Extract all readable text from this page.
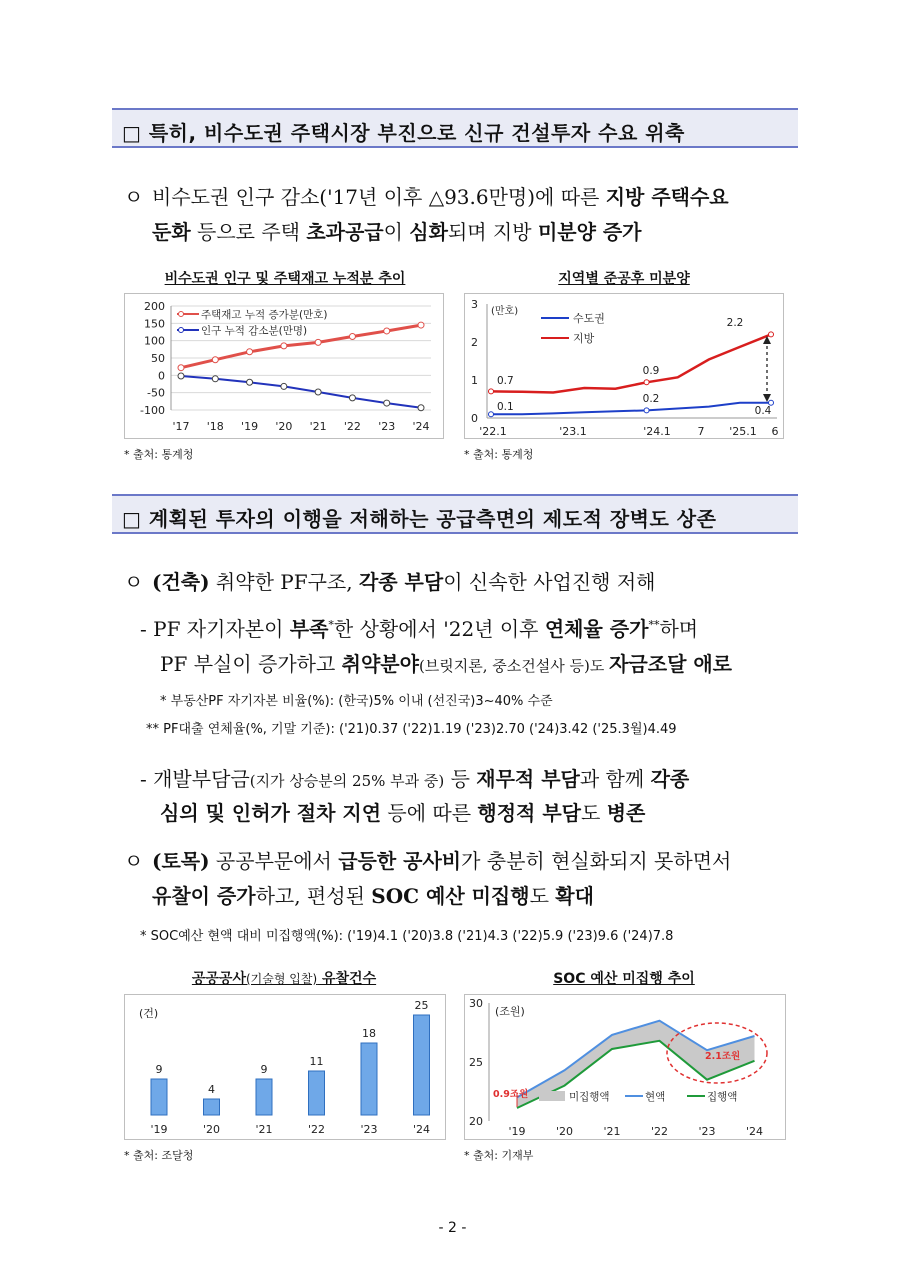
□ 특히, 비수도권 주택시장 부진으로 신규 건설투자 수요 위축
ㅇ 비수도권 인구 감소('17년 이후 △93.6만명)에 따른 지방 주택수요
둔화 등으로 주택 초과공급이 심화되며 지방 미분양 증가
비수도권 인구 및 주택재고 누적분 추이
200
150
100
50
0
-50
-100
'17 '18 '19 '20 '21 '22 '23 '24
주택재고 누적 증가분(만호)
인구 누적 감소분(만명)
* 출처: 통계청
지역별 준공후 미분양
3
2
1
0
(만호)
'22.1	'23.1	'24.1 7 '25.1 6
수도권
지방
0.7
0.1
0.9
0.2
2.2
0.4
* 출처: 통계청
□ 계획된 투자의 이행을 저해하는 공급측면의 제도적 장벽도 상존
ㅇ (건축) 취약한 PF구조, 각종 부담이 신속한 사업진행 저해
- PF 자기자본이 부족*한 상황에서 '22년 이후 연체율 증가**하며
PF 부실이 증가하고 취약분야(브릿지론, 중소건설사 등)도 자금조달 애로
* 부동산PF 자기자본 비율(%): (한국)5% 이내 (선진국)3~40% 수준
** PF대출 연체율(%, 기말 기준): ('21)0.37 ('22)1.19 ('23)2.70 ('24)3.42 ('25.3월)4.49
- 개발부담금(지가 상승분의 25% 부과 중) 등 재무적 부담과 함께 각종
심의 및 인허가 절차 지연 등에 따른 행정적 부담도 병존
ㅇ (토목) 공공부문에서 급등한 공사비가 충분히 현실화되지 못하면서
유찰이 증가하고, 편성된 SOC 예산 미집행도 확대
* SOC예산 현액 대비 미집행액(%): ('19)4.1 ('20)3.8 ('21)4.3 ('22)5.9 ('23)9.6 ('24)7.8
공공공사(기술형 입찰) 유찰건수
(건)
9
'19
4
'20
9
'21
11
'22
18
'23
25
'24
* 출처: 조달청
SOC 예산 미집행 추이
30
25
20
(조원)
'19	'20	'21	'22	'23	'24
2.1조원
0.9조원	미집행액	현액	집행액
* 출처: 기재부
- 2 -
